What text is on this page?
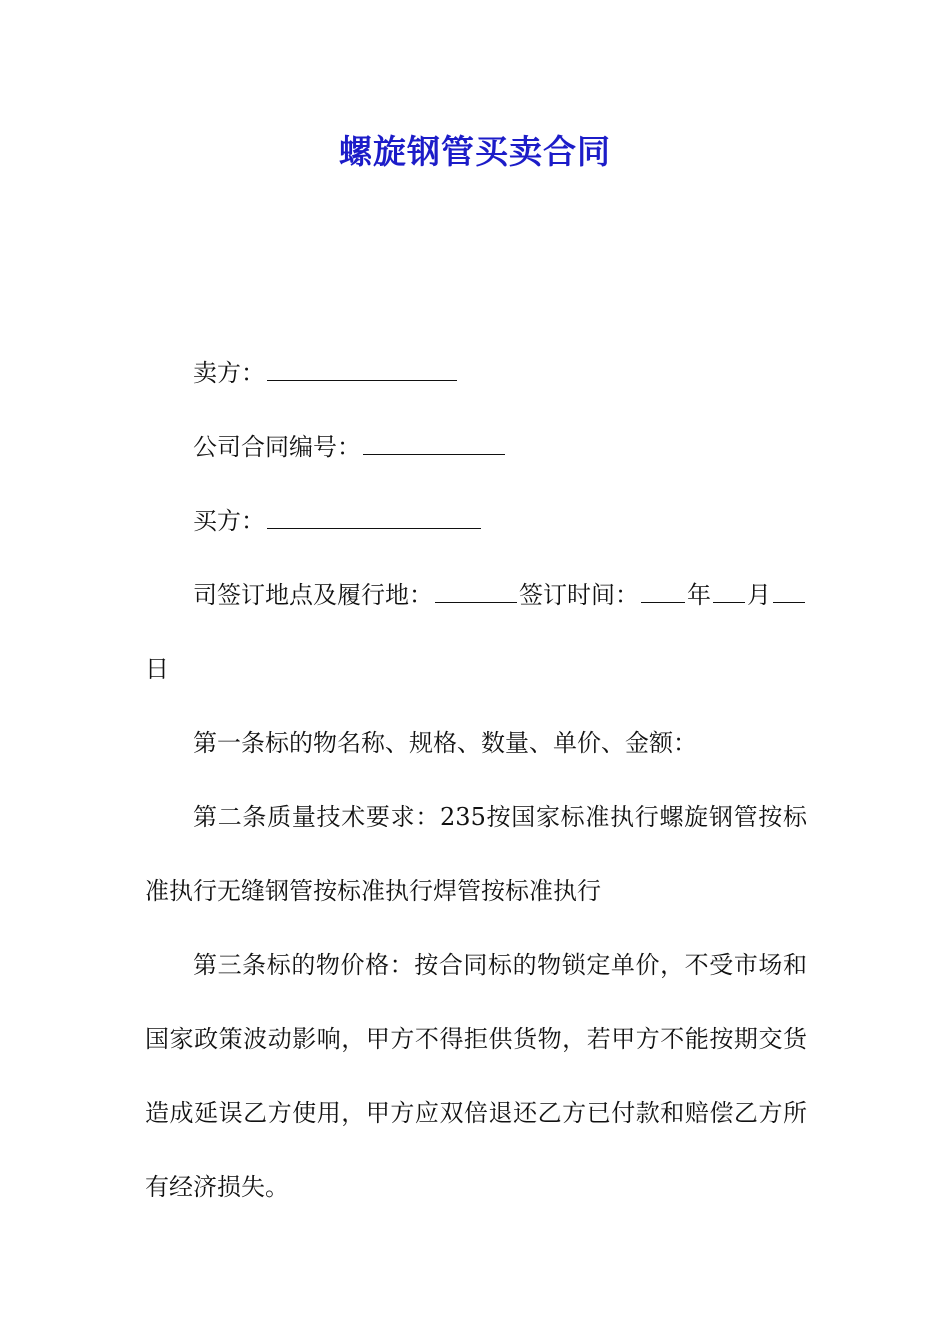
螺旋钢管买卖合同

卖方：

公司合同编号：

买方：

司签订地点及履行地：	签订时间： 年 月日

第一条标的物名称、规格、数量、单价、金额：

第二条质量技术要求：235按国家标准执行螺旋钢管按标准执行无缝钢管按标准执行焊管按标准执行

第三条标的物价格：按合同标的物锁定单价，不受市场和国家政策波动影响，甲方不得拒供货物，若甲方不能按期交货造成延误乙方使用，甲方应双倍退还乙方已付款和赔偿乙方所有经济损失。
